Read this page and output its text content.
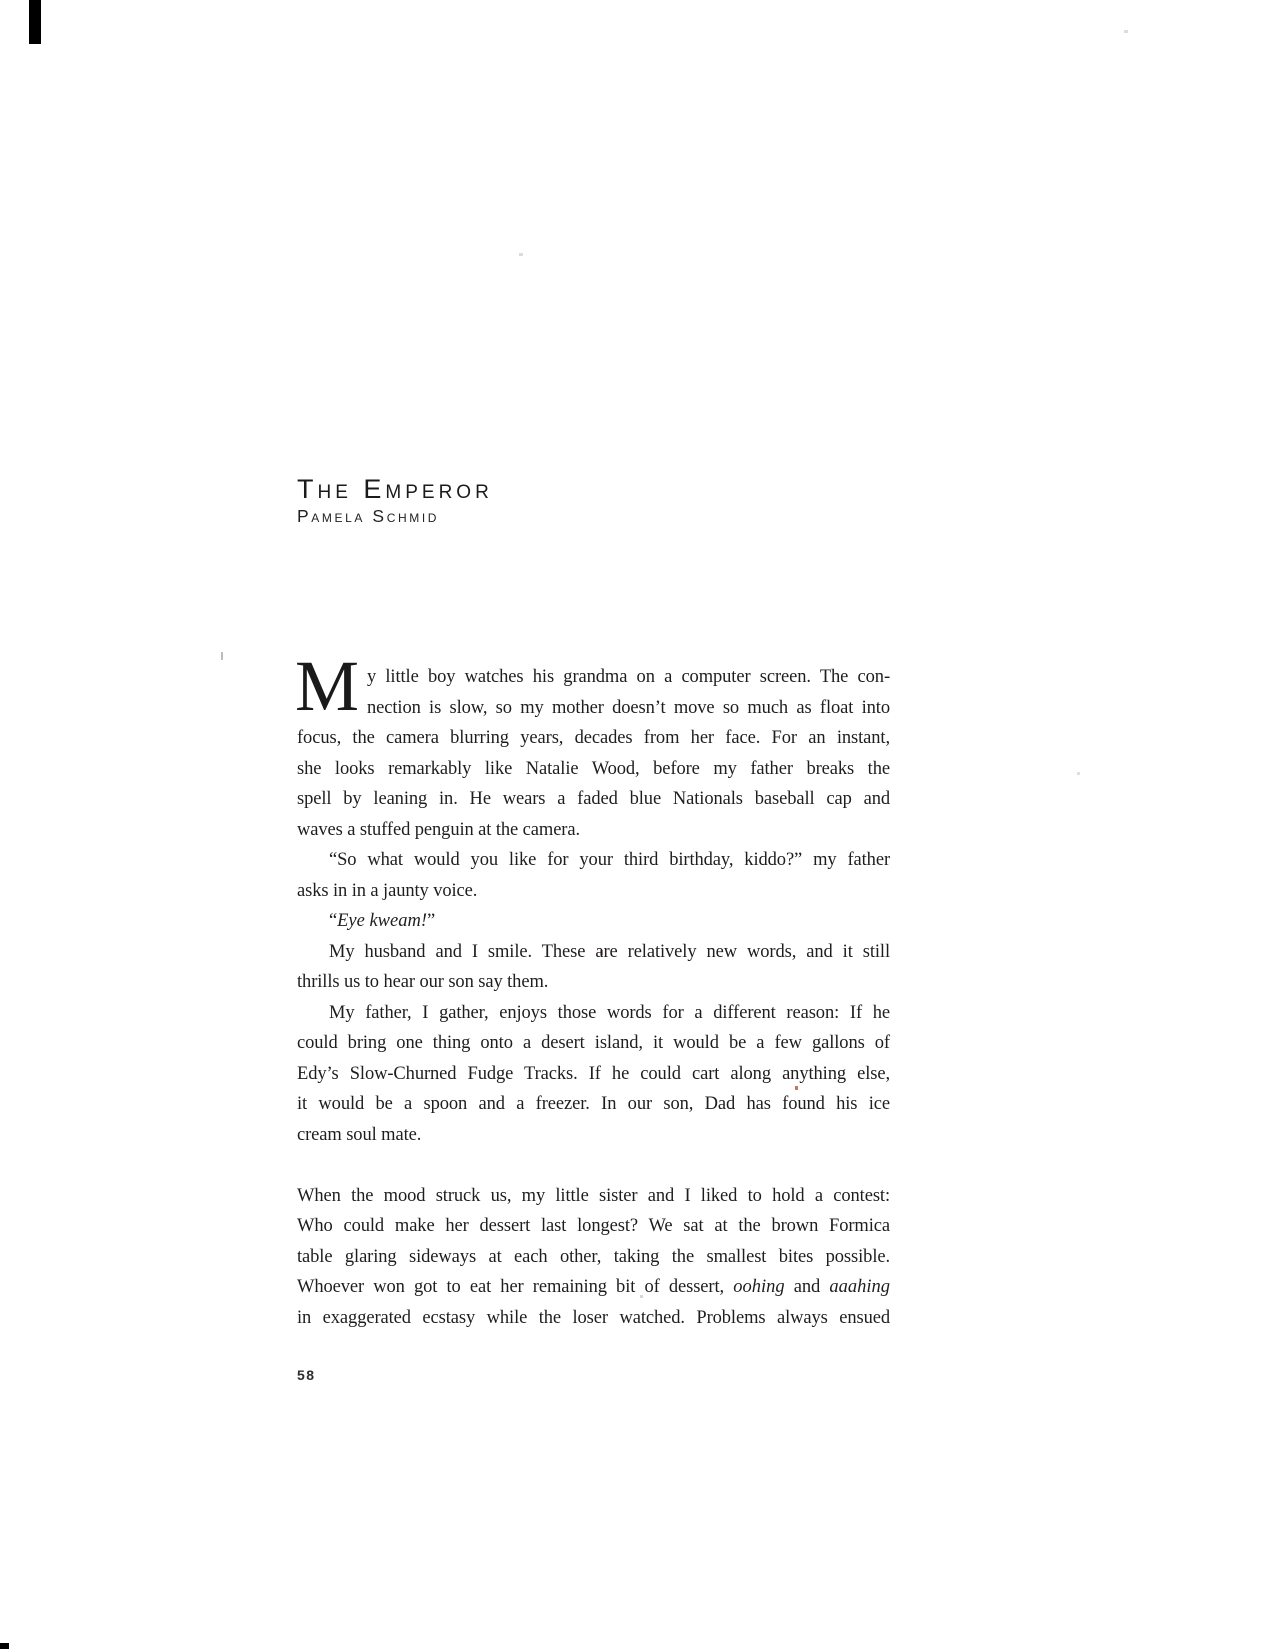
The Emperor
Pamela Schmid
M y little boy watches his grandma on a computer screen. The con-
nection is slow, so my mother doesn’t move so much as float into
focus, the camera blurring years, decades from her face. For an instant,
she looks remarkably like Natalie Wood, before my father breaks the
spell by leaning in. He wears a faded blue Nationals baseball cap and
waves a stuffed penguin at the camera.
“So what would you like for your third birthday, kiddo?” my father
asks in in a jaunty voice.
“Eye kweam!”
My husband and I smile. These are relatively new words, and it still
thrills us to hear our son say them.
My father, I gather, enjoys those words for a different reason: If he
could bring one thing onto a desert island, it would be a few gallons of
Edy’s Slow-Churned Fudge Tracks. If he could cart along anything else,
it would be a spoon and a freezer. In our son, Dad has found his ice
cream soul mate.
When the mood struck us, my little sister and I liked to hold a contest:
Who could make her dessert last longest? We sat at the brown Formica
table glaring sideways at each other, taking the smallest bites possible.
Whoever won got to eat her remaining bit of dessert, oohing and aaahing
in exaggerated ecstasy while the loser watched. Problems always ensued
58
